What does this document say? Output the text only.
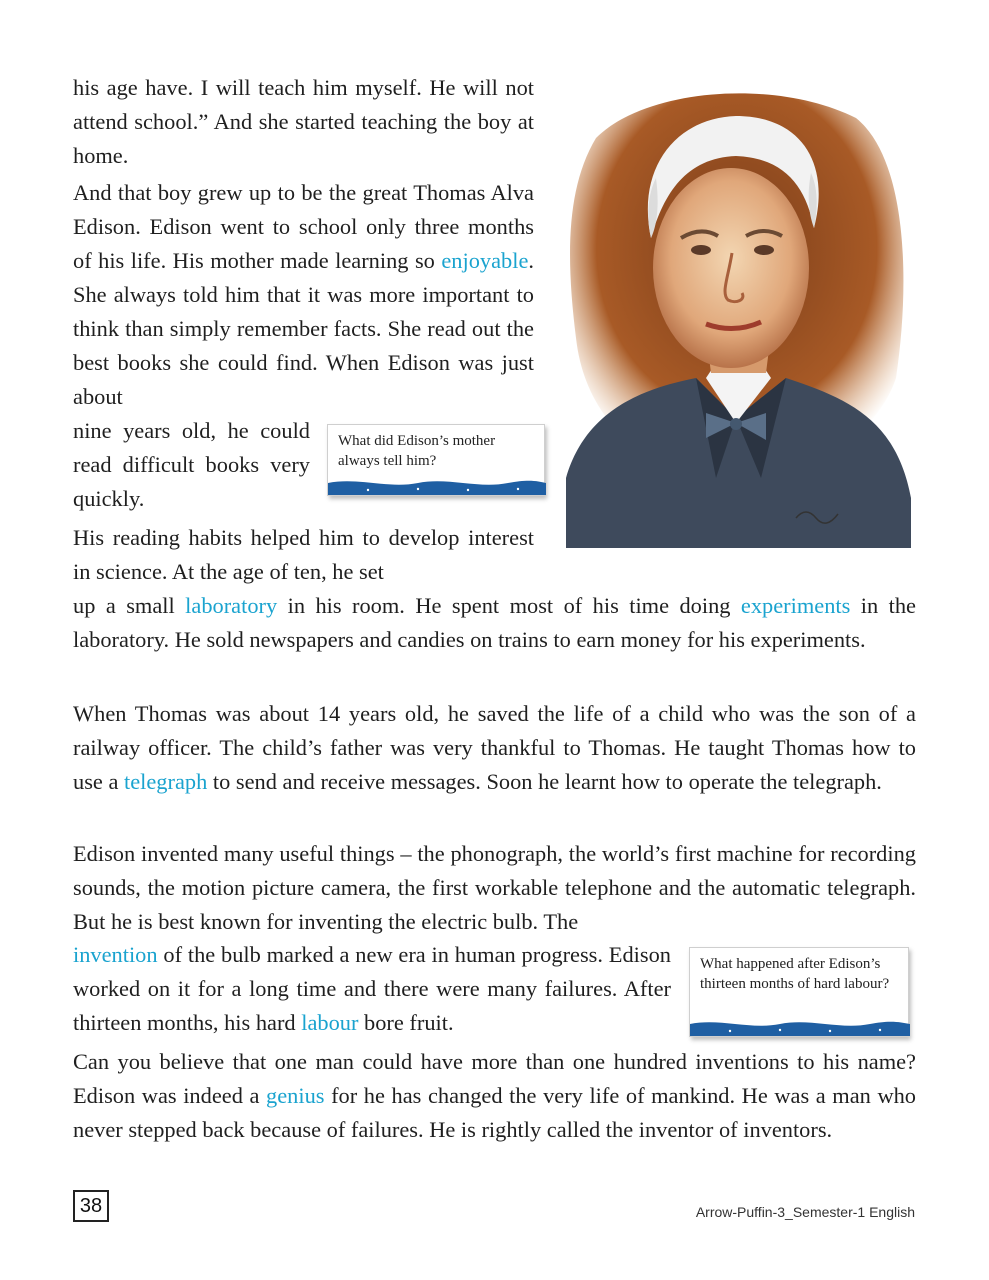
his age have. I will teach him myself. He will not attend school.” And she started teaching the boy at home.

And that boy grew up to be the great Thomas Alva Edison. Edison went to school only three months of his life. His mother made learning so enjoyable. She always told him that it was more important to think than simply remember facts. She read out the best books she could find. When Edison was just about

nine years old, he could read difficult books very quickly.

What did Edison’s mother always tell him?

His reading habits helped him to develop interest in science. At the age of ten, he set

up a small laboratory in his room. He spent most of his time doing experiments in the laboratory. He sold newspapers and candies on trains to earn money for his experiments.

When Thomas was about 14 years old, he saved the life of a child who was the son of a railway officer. The child’s father was very thankful to Thomas. He taught Thomas how to use a telegraph to send and receive messages. Soon he learnt how to operate the telegraph.

Edison invented many useful things – the phonograph, the world’s first machine for recording sounds, the motion picture camera, the first workable telephone and the automatic telegraph. But he is best known for inventing the electric bulb. The

invention of the bulb marked a new era in human progress. Edison worked on it for a long time and there were many failures. After thirteen months, his hard labour bore fruit.

What happened after Edison’s thirteen months of hard labour?

Can you believe that one man could have more than one hundred inventions to his name? Edison was indeed a genius for he has changed the very life of mankind. He was a man who never stepped back because of failures. He is rightly called the inventor of inventors.

38	Arrow-Puffin-3_Semester-1 English
